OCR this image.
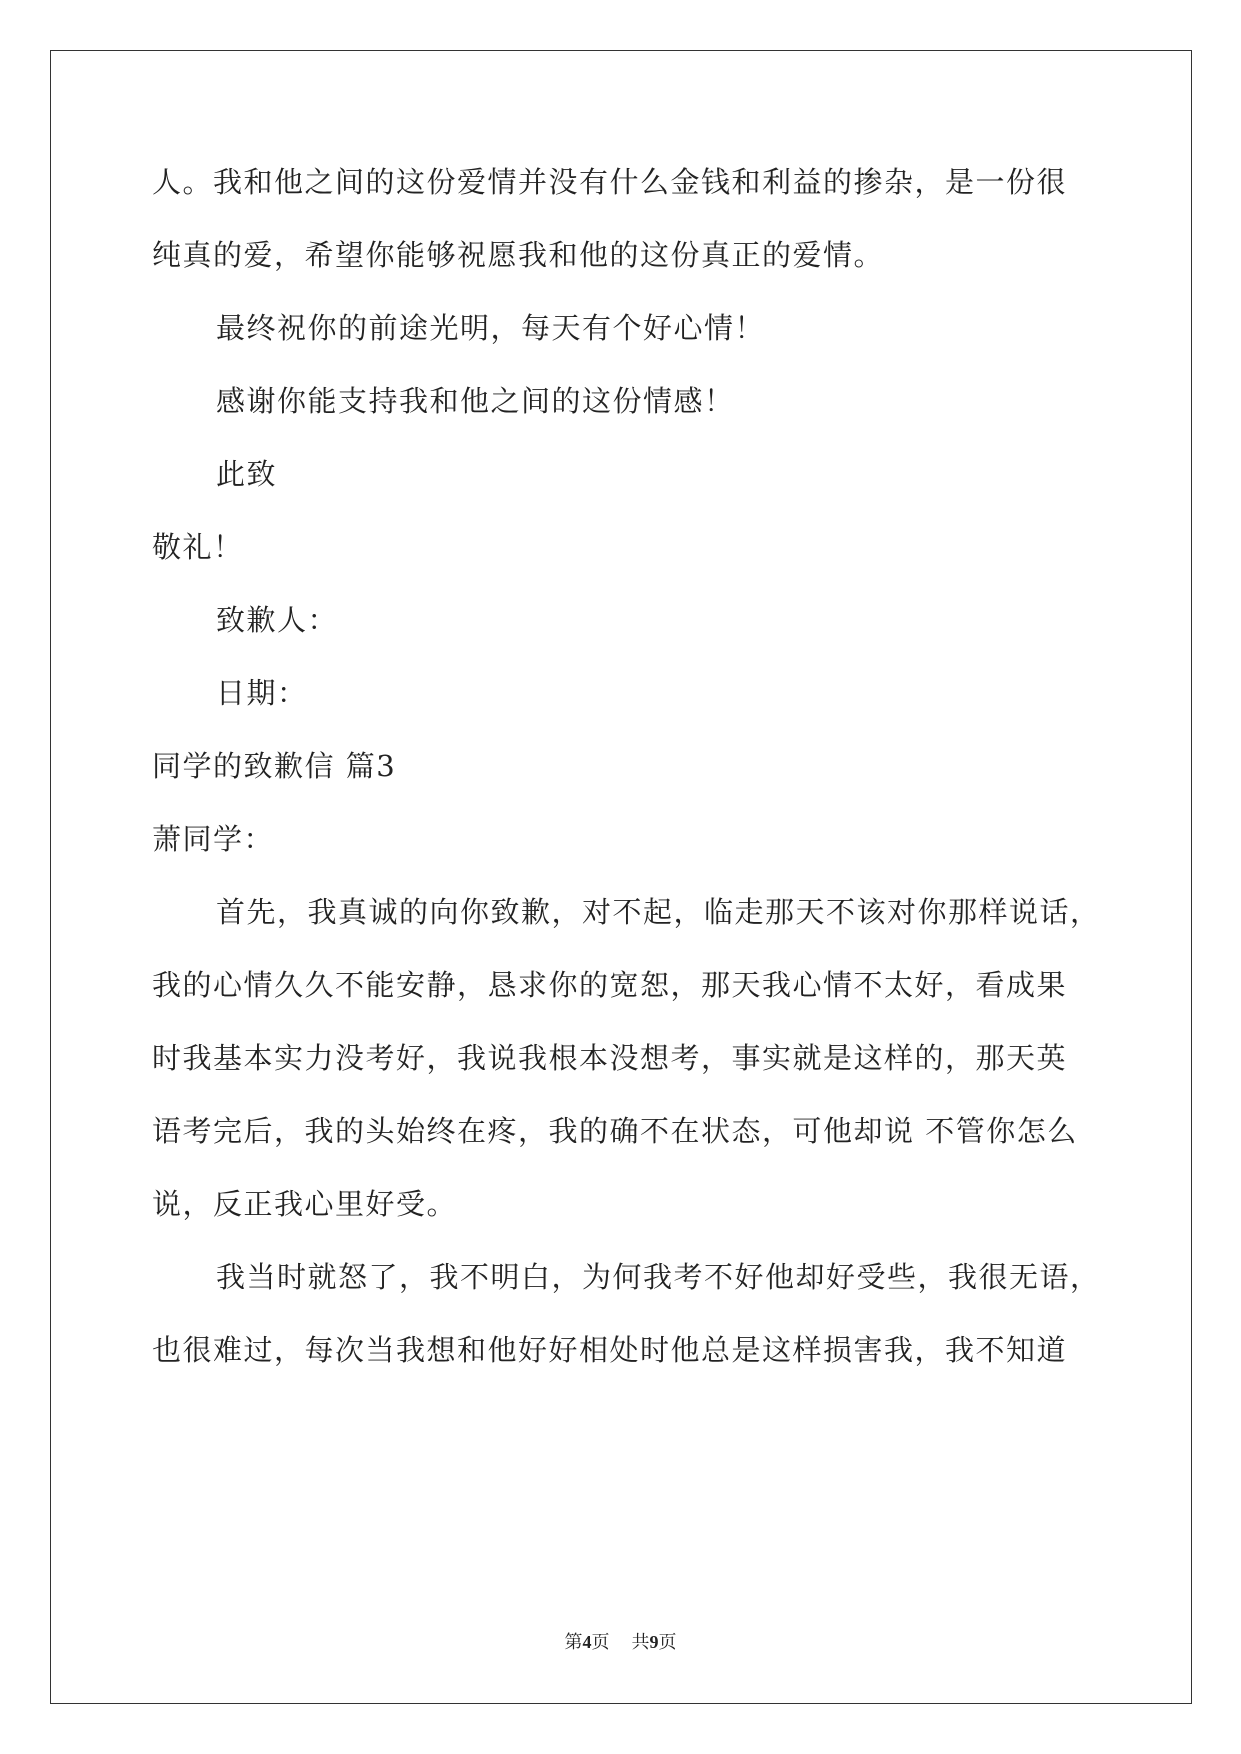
人。我和他之间的这份爱情并没有什么金钱和利益的掺杂，是一份很
纯真的爱，希望你能够祝愿我和他的这份真正的爱情。
最终祝你的前途光明，每天有个好心情！
感谢你能支持我和他之间的这份情感！
此致
敬礼！
致歉人：
日期：
同学的致歉信 篇3
萧同学：
首先，我真诚的向你致歉，对不起，临走那天不该对你那样说话，
我的心情久久不能安静，恳求你的宽恕，那天我心情不太好，看成果
时我基本实力没考好，我说我根本没想考，事实就是这样的，那天英
语考完后，我的头始终在疼，我的确不在状态，可他却说 不管你怎么
说，反正我心里好受。
我当时就怒了，我不明白，为何我考不好他却好受些，我很无语，
也很难过，每次当我想和他好好相处时他总是这样损害我，我不知道
第4页 共9页
